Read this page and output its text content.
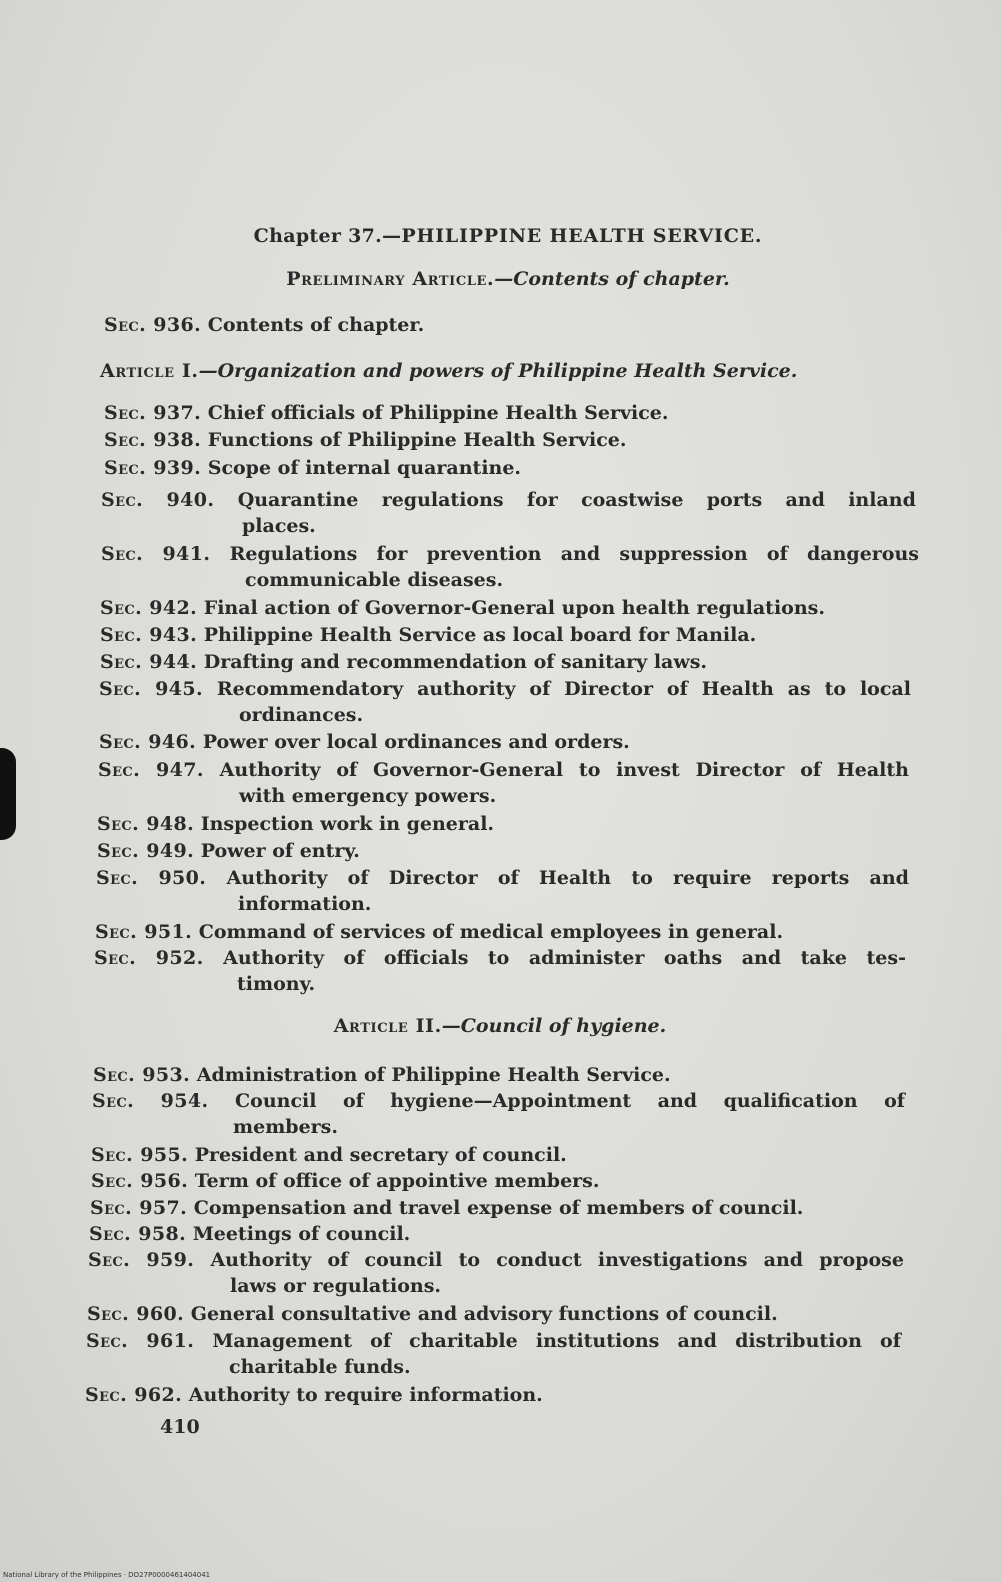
Chapter 37.—PHILIPPINE HEALTH SERVICE.
Preliminary Article.—Contents of chapter.
Article I.—Organization and powers of Philippine Health Service.
Article II.—Council of hygiene.
Sec. 936. Contents of chapter.
Sec. 937. Chief officials of Philippine Health Service.
Sec. 938. Functions of Philippine Health Service.
Sec. 939. Scope of internal quarantine.
Sec. 940. Quarantine regulations for coastwise ports and inland
places.
Sec. 941. Regulations for prevention and suppression of dangerous
communicable diseases.
Sec. 942. Final action of Governor-General upon health regulations.
Sec. 943. Philippine Health Service as local board for Manila.
Sec. 944. Drafting and recommendation of sanitary laws.
Sec. 945. Recommendatory authority of Director of Health as to local
ordinances.
Sec. 946. Power over local ordinances and orders.
Sec. 947. Authority of Governor-General to invest Director of Health
with emergency powers.
Sec. 948. Inspection work in general.
Sec. 949. Power of entry.
Sec. 950. Authority of Director of Health to require reports and
information.
Sec. 951. Command of services of medical employees in general.
Sec. 952. Authority of officials to administer oaths and take tes-
timony.
Sec. 953. Administration of Philippine Health Service.
Sec. 954. Council of hygiene—Appointment and qualification of
members.
Sec. 955. President and secretary of council.
Sec. 956. Term of office of appointive members.
Sec. 957. Compensation and travel expense of members of council.
Sec. 958. Meetings of council.
Sec. 959. Authority of council to conduct investigations and propose
laws or regulations.
Sec. 960. General consultative and advisory functions of council.
Sec. 961. Management of charitable institutions and distribution of
charitable funds.
Sec. 962. Authority to require information.
410
National Library of the Philippines · DO27P0000461404041
